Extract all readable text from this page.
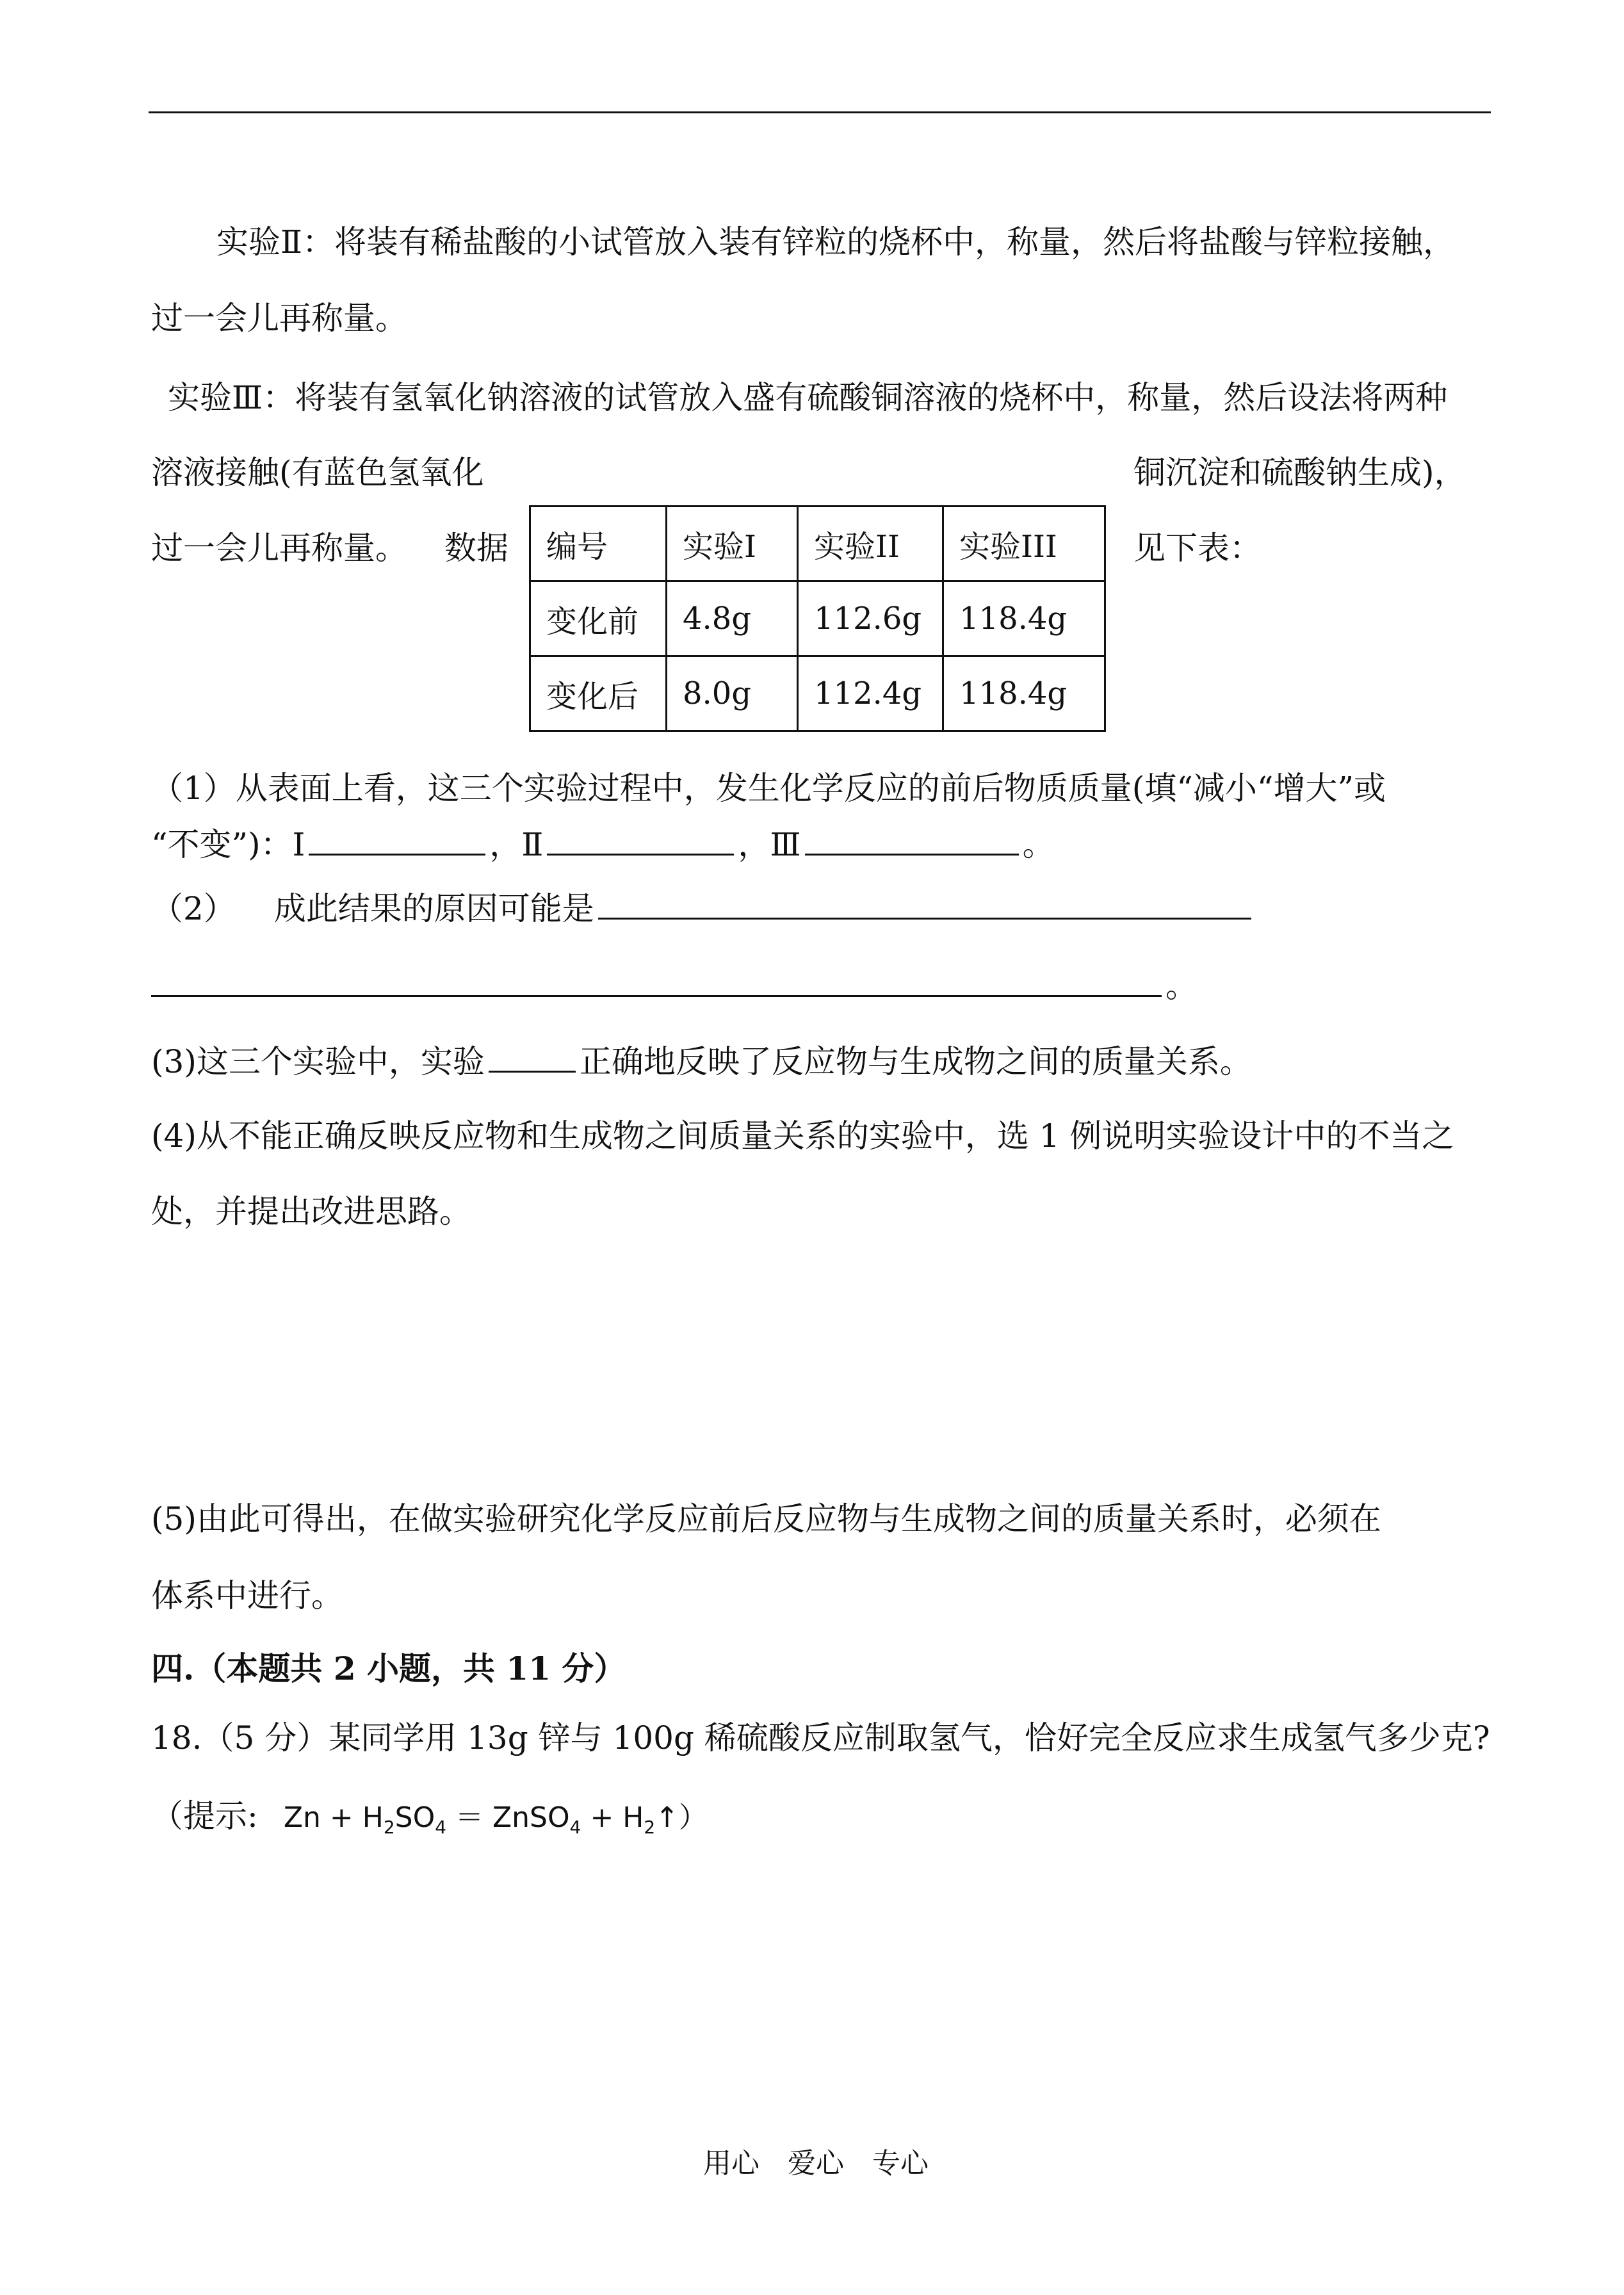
实验Ⅱ：将装有稀盐酸的小试管放入装有锌粒的烧杯中，称量，然后将盐酸与锌粒接触，
过一会儿再称量。
实验Ⅲ：将装有氢氧化钠溶液的试管放入盛有硫酸铜溶液的烧杯中，称量，然后设法将两种
溶液接触(有蓝色氢氧化	铜沉淀和硫酸钠生成)，
过一会儿再称量。 数据	见下表：
编号	实验Ⅰ	实验ⅠⅠ	实验ⅠⅠⅠ
变化前	4.8g	112.6g	118.4g
变化后	8.0g	112.4g	118.4g
（1）从表面上看，这三个实验过程中，发生化学反应的前后物质质量(填“减小“增大”或
“不变”)：Ⅰ	，Ⅱ	，Ⅲ	。
（2） 成此结果的原因可能是
。
(3)这三个实验中，实验	正确地反映了反应物与生成物之间的质量关系。
(4)从不能正确反映反应物和生成物之间质量关系的实验中，选 1 例说明实验设计中的不当之
处，并提出改进思路。
(5)由此可得出，在做实验研究化学反应前后反应物与生成物之间的质量关系时，必须在
体系中进行。
四.（本题共 2 小题，共 11 分）
18.（5 分）某同学用 13g 锌与 100g 稀硫酸反应制取氢气，恰好完全反应求生成氢气多少克?
（提示: $Zn + H_2SO_4$ ＝ ZnSO$_4$ + $H_2↑$）
用心　爱心　专心
